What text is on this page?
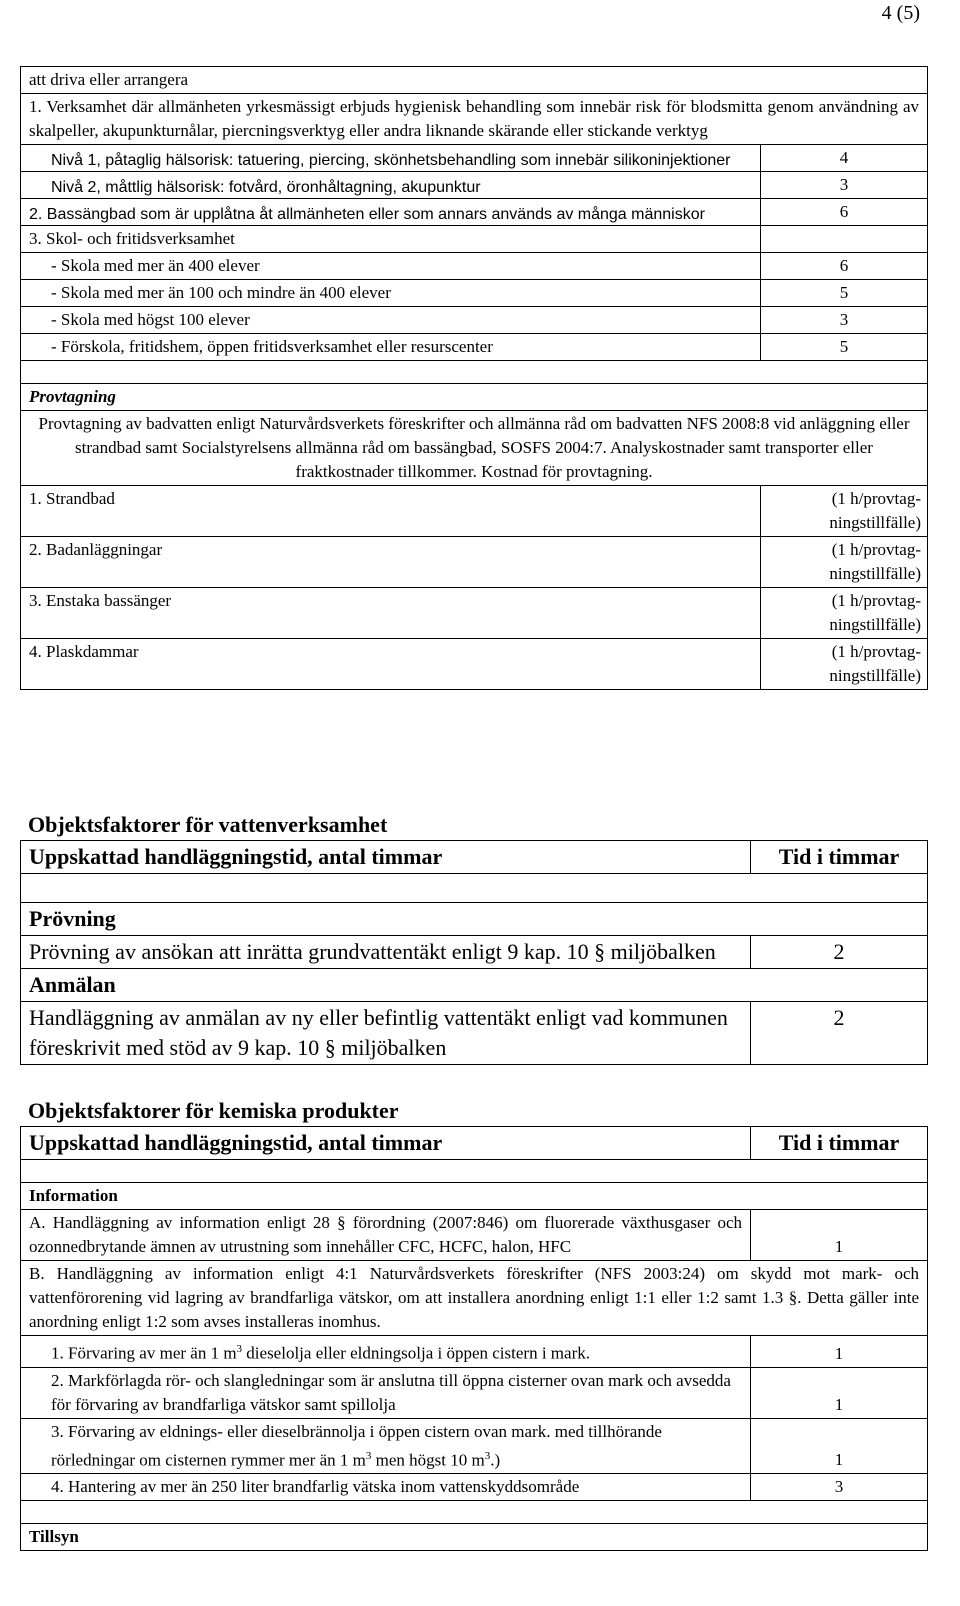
4 (5)
att driva eller arrangera	
1. Verksamhet där allmänheten yrkesmässigt erbjuds hygienisk behandling som innebär risk för blodsmitta genom användning av skalpeller, akupunkturnålar, piercningsverktyg eller andra liknande skärande eller stickande verktyg	
Nivå 1, påtaglig hälsorisk: tatuering, piercing, skönhetsbehandling som innebär silikoninjektioner	4
Nivå 2, måttlig hälsorisk: fotvård, öronhåltagning, akupunktur	3
2. Bassängbad som är upplåtna åt allmänheten eller som annars används av många människor	6
3. Skol- och fritidsverksamhet	
- Skola med mer än 400 elever	6
- Skola med mer än 100 och mindre än 400 elever	5
- Skola med högst 100 elever	3
- Förskola, fritidshem, öppen fritidsverksamhet eller resurscenter	5

Provtagning	
Provtagning av badvatten enligt Naturvårdsverkets föreskrifter och allmänna råd om badvatten NFS 2008:8 vid anläggning eller strandbad samt Socialstyrelsens allmänna råd om bassängbad, SOSFS 2004:7. Analyskostnader samt transporter eller fraktkostnader tillkommer. Kostnad för provtagning.	
1. Strandbad	(1 h/provtag-
ningstillfälle)
2. Badanläggningar	(1 h/provtag-
ningstillfälle)
3. Enstaka bassänger	(1 h/provtag-
ningstillfälle)
4. Plaskdammar	(1 h/provtag-
ningstillfälle)
Objektsfaktorer för vattenverksamhet
Uppskattad handläggningstid, antal timmar	Tid i timmar

Prövning	
Prövning av ansökan att inrätta grundvattentäkt enligt 9 kap. 10 § miljöbalken	2
Anmälan	
Handläggning av anmälan av ny eller befintlig vattentäkt enligt vad kommunen föreskrivit med stöd av 9 kap. 10 § miljöbalken	2
Objektsfaktorer för kemiska produkter
Uppskattad handläggningstid, antal timmar	Tid i timmar

Information	
A. Handläggning av information enligt 28 § förordning (2007:846) om fluorerade växthusgaser och ozonnedbrytande ämnen av utrustning som innehåller CFC, HCFC, halon, HFC	1
B. Handläggning av information enligt 4:1 Naturvårdsverkets föreskrifter (NFS 2003:24) om skydd mot mark- och vattenförorening vid lagring av brandfarliga vätskor, om att installera anordning enligt 1:1 eller 1:2 samt 1.3 §. Detta gäller inte anordning enligt 1:2 som avses installeras inomhus.	
1. Förvaring av mer än 1 $m^3$ dieselolja eller eldningsolja i öppen cistern i mark.	1
2. Markförlagda rör- och slangledningar som är anslutna till öppna cisterner ovan mark och avsedda för förvaring av brandfarliga vätskor samt spillolja	1
3. Förvaring av eldnings- eller dieselbrännolja i öppen cistern ovan mark. med tillhörande rörledningar om cisternen rymmer mer än 1 $m^3$ men högst 10 $m^3$.)	1
4. Hantering av mer än 250 liter brandfarlig vätska inom vattenskyddsområde	3

Tillsyn	
